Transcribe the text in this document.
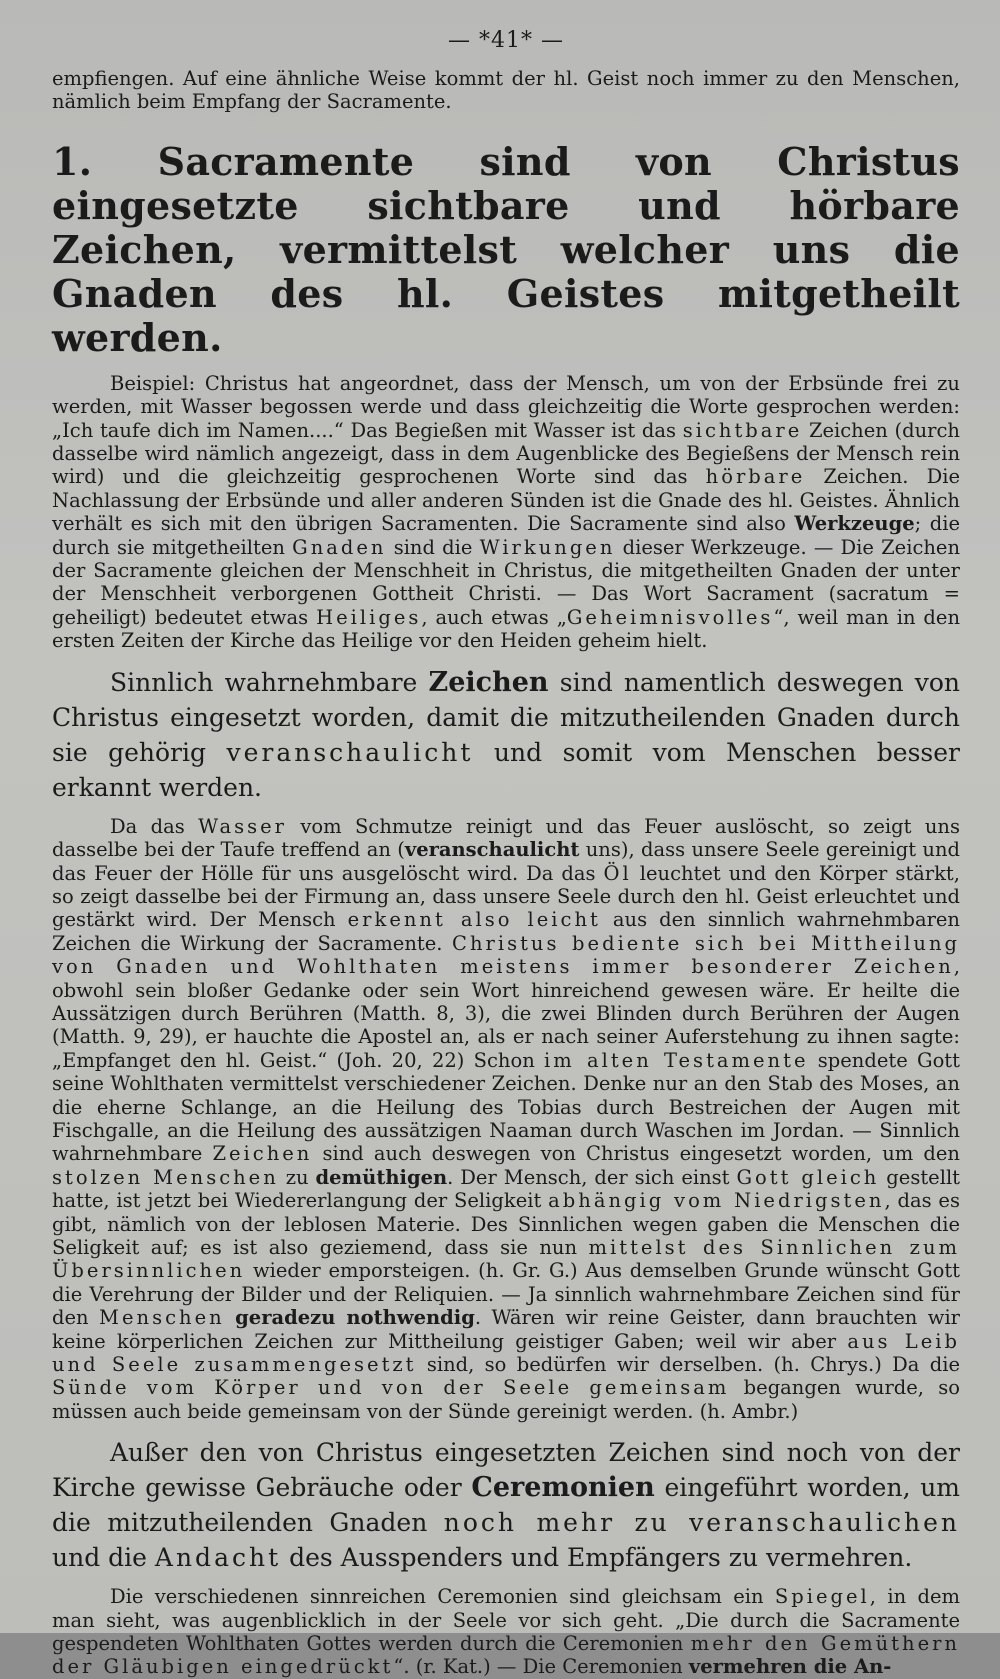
— *41* —

empfiengen. Auf eine ähnliche Weise kommt der hl. Geist noch immer zu den Menschen, nämlich beim Empfang der Sacramente.

1. Sacramente sind von Christus eingesetzte sichtbare und hörbare Zeichen, vermittelst welcher uns die Gnaden des hl. Geistes mitgetheilt werden.

Beispiel: Christus hat angeordnet, dass der Mensch, um von der Erbsünde frei zu werden, mit Wasser begossen werde und dass gleichzeitig die Worte gesprochen werden: „Ich taufe dich im Namen....“ Das Begießen mit Wasser ist das sichtbare Zeichen (durch dasselbe wird nämlich angezeigt, dass in dem Augenblicke des Begießens der Mensch rein wird) und die gleichzeitig gesprochenen Worte sind das hörbare Zeichen. Die Nachlassung der Erbsünde und aller anderen Sünden ist die Gnade des hl. Geistes. Ähnlich verhält es sich mit den übrigen Sacramenten. Die Sacramente sind also Werkzeuge; die durch sie mitgetheilten Gnaden sind die Wirkungen dieser Werkzeuge. — Die Zeichen der Sacramente gleichen der Menschheit in Christus, die mitgetheilten Gnaden der unter der Menschheit verborgenen Gottheit Christi. — Das Wort Sacrament (sacratum = geheiligt) bedeutet etwas Heiliges, auch etwas „Geheimnisvolles“, weil man in den ersten Zeiten der Kirche das Heilige vor den Heiden geheim hielt.

Sinnlich wahrnehmbare Zeichen sind namentlich deswegen von Christus eingesetzt worden, damit die mitzutheilenden Gnaden durch sie gehörig veranschaulicht und somit vom Menschen besser erkannt werden.

Da das Wasser vom Schmutze reinigt und das Feuer auslöscht, so zeigt uns dasselbe bei der Taufe treffend an (veranschaulicht uns), dass unsere Seele gereinigt und das Feuer der Hölle für uns ausgelöscht wird. Da das Öl leuchtet und den Körper stärkt, so zeigt dasselbe bei der Firmung an, dass unsere Seele durch den hl. Geist erleuchtet und gestärkt wird. Der Mensch erkennt also leicht aus den sinnlich wahrnehmbaren Zeichen die Wirkung der Sacramente. Christus bediente sich bei Mittheilung von Gnaden und Wohlthaten meistens immer besonderer Zeichen, obwohl sein bloßer Gedanke oder sein Wort hinreichend gewesen wäre. Er heilte die Aussätzigen durch Berühren (Matth. 8, 3), die zwei Blinden durch Berühren der Augen (Matth. 9, 29), er hauchte die Apostel an, als er nach seiner Auferstehung zu ihnen sagte: „Empfanget den hl. Geist.“ (Joh. 20, 22) Schon im alten Testamente spendete Gott seine Wohlthaten vermittelst verschiedener Zeichen. Denke nur an den Stab des Moses, an die eherne Schlange, an die Heilung des Tobias durch Bestreichen der Augen mit Fischgalle, an die Heilung des aussätzigen Naaman durch Waschen im Jordan. — Sinnlich wahrnehmbare Zeichen sind auch deswegen von Christus eingesetzt worden, um den stolzen Menschen zu demüthigen. Der Mensch, der sich einst Gott gleich gestellt hatte, ist jetzt bei Wiedererlangung der Seligkeit abhängig vom Niedrigsten, das es gibt, nämlich von der leblosen Materie. Des Sinnlichen wegen gaben die Menschen die Seligkeit auf; es ist also geziemend, dass sie nun mittelst des Sinnlichen zum Übersinnlichen wieder emporsteigen. (h. Gr. G.) Aus demselben Grunde wünscht Gott die Verehrung der Bilder und der Reliquien. — Ja sinnlich wahrnehmbare Zeichen sind für den Menschen geradezu nothwendig. Wären wir reine Geister, dann brauchten wir keine körperlichen Zeichen zur Mittheilung geistiger Gaben; weil wir aber aus Leib und Seele zusammengesetzt sind, so bedürfen wir derselben. (h. Chrys.) Da die Sünde vom Körper und von der Seele gemeinsam begangen wurde, so müssen auch beide gemeinsam von der Sünde gereinigt werden. (h. Ambr.)

Außer den von Christus eingesetzten Zeichen sind noch von der Kirche gewisse Gebräuche oder Ceremonien eingeführt worden, um die mitzutheilenden Gnaden noch mehr zu veranschaulichen und die Andacht des Ausspenders und Empfängers zu vermehren.

Die verschiedenen sinnreichen Ceremonien sind gleichsam ein Spiegel, in dem man sieht, was augenblicklich in der Seele vor sich geht. „Die durch die Sacramente gespendeten Wohlthaten Gottes werden durch die Ceremonien mehr den Gemüthern der Gläubigen eingedrückt“. (r. Kat.) — Die Ceremonien vermehren die An-
